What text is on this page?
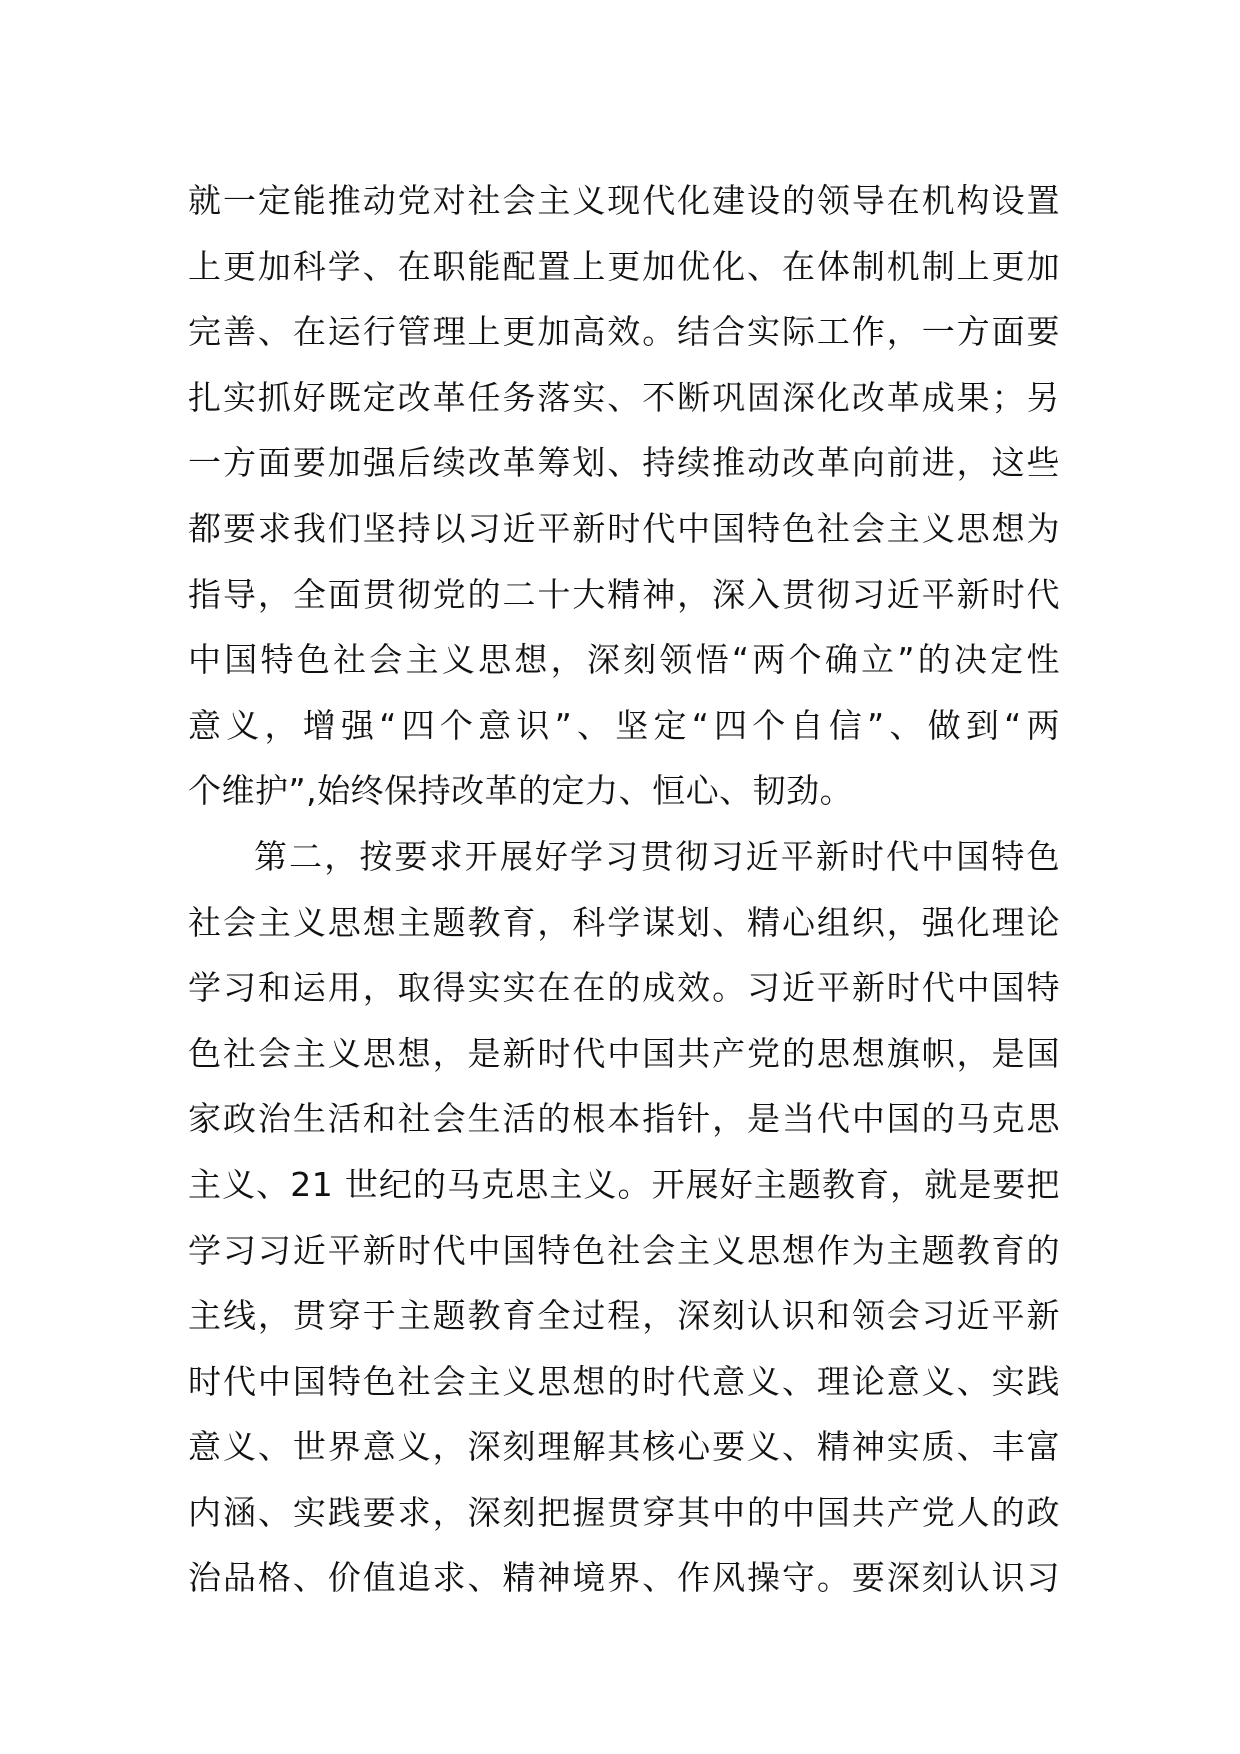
就一定能推动党对社会主义现代化建设的领导在机构设置
上更加科学、在职能配置上更加优化、在体制机制上更加
完善、在运行管理上更加高效。结合实际工作，一方面要
扎实抓好既定改革任务落实、不断巩固深化改革成果；另
一方面要加强后续改革筹划、持续推动改革向前进，这些
都要求我们坚持以习近平新时代中国特色社会主义思想为
指导，全面贯彻党的二十大精神，深入贯彻习近平新时代
中国特色社会主义思想，深刻领悟“两个确立”的决定性
意义，增强“四个意识”、坚定“四个自信”、做到“两
个维护”,始终保持改革的定力、恒心、韧劲。
第二，按要求开展好学习贯彻习近平新时代中国特色
社会主义思想主题教育，科学谋划、精心组织，强化理论
学习和运用，取得实实在在的成效。习近平新时代中国特
色社会主义思想，是新时代中国共产党的思想旗帜，是国
家政治生活和社会生活的根本指针，是当代中国的马克思
主义、21 世纪的马克思主义。开展好主题教育，就是要把
学习习近平新时代中国特色社会主义思想作为主题教育的
主线，贯穿于主题教育全过程，深刻认识和领会习近平新
时代中国特色社会主义思想的时代意义、理论意义、实践
意义、世界意义，深刻理解其核心要义、精神实质、丰富
内涵、实践要求，深刻把握贯穿其中的中国共产党人的政
治品格、价值追求、精神境界、作风操守。要深刻认识习
